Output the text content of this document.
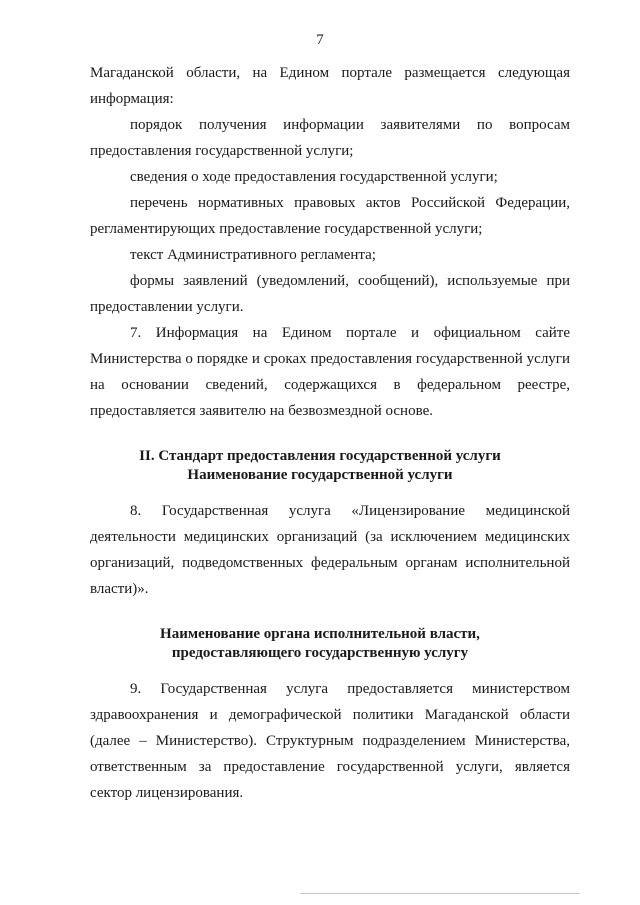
7
Магаданской области, на Едином портале размещается следующая
информация:
порядок получения информации заявителями по вопросам
предоставления государственной услуги;
сведения о ходе предоставления государственной услуги;
перечень нормативных правовых актов Российской Федерации,
регламентирующих предоставление государственной услуги;
текст Административного регламента;
формы заявлений (уведомлений, сообщений), используемые при
предоставлении услуги.
7. Информация на Едином портале и официальном сайте
Министерства о порядке и сроках предоставления государственной услуги
на основании сведений, содержащихся в федеральном реестре,
предоставляется заявителю на безвозмездной основе.
II. Стандарт предоставления государственной услуги
Наименование государственной услуги
8. Государственная услуга «Лицензирование медицинской
деятельности медицинских организаций (за исключением медицинских
организаций, подведомственных федеральным органам исполнительной
власти)».
Наименование органа исполнительной власти,
предоставляющего государственную услугу
9. Государственная услуга предоставляется министерством
здравоохранения и демографической политики Магаданской области
(далее – Министерство). Структурным подразделением Министерства,
ответственным за предоставление государственной услуги, является
сектор лицензирования.
